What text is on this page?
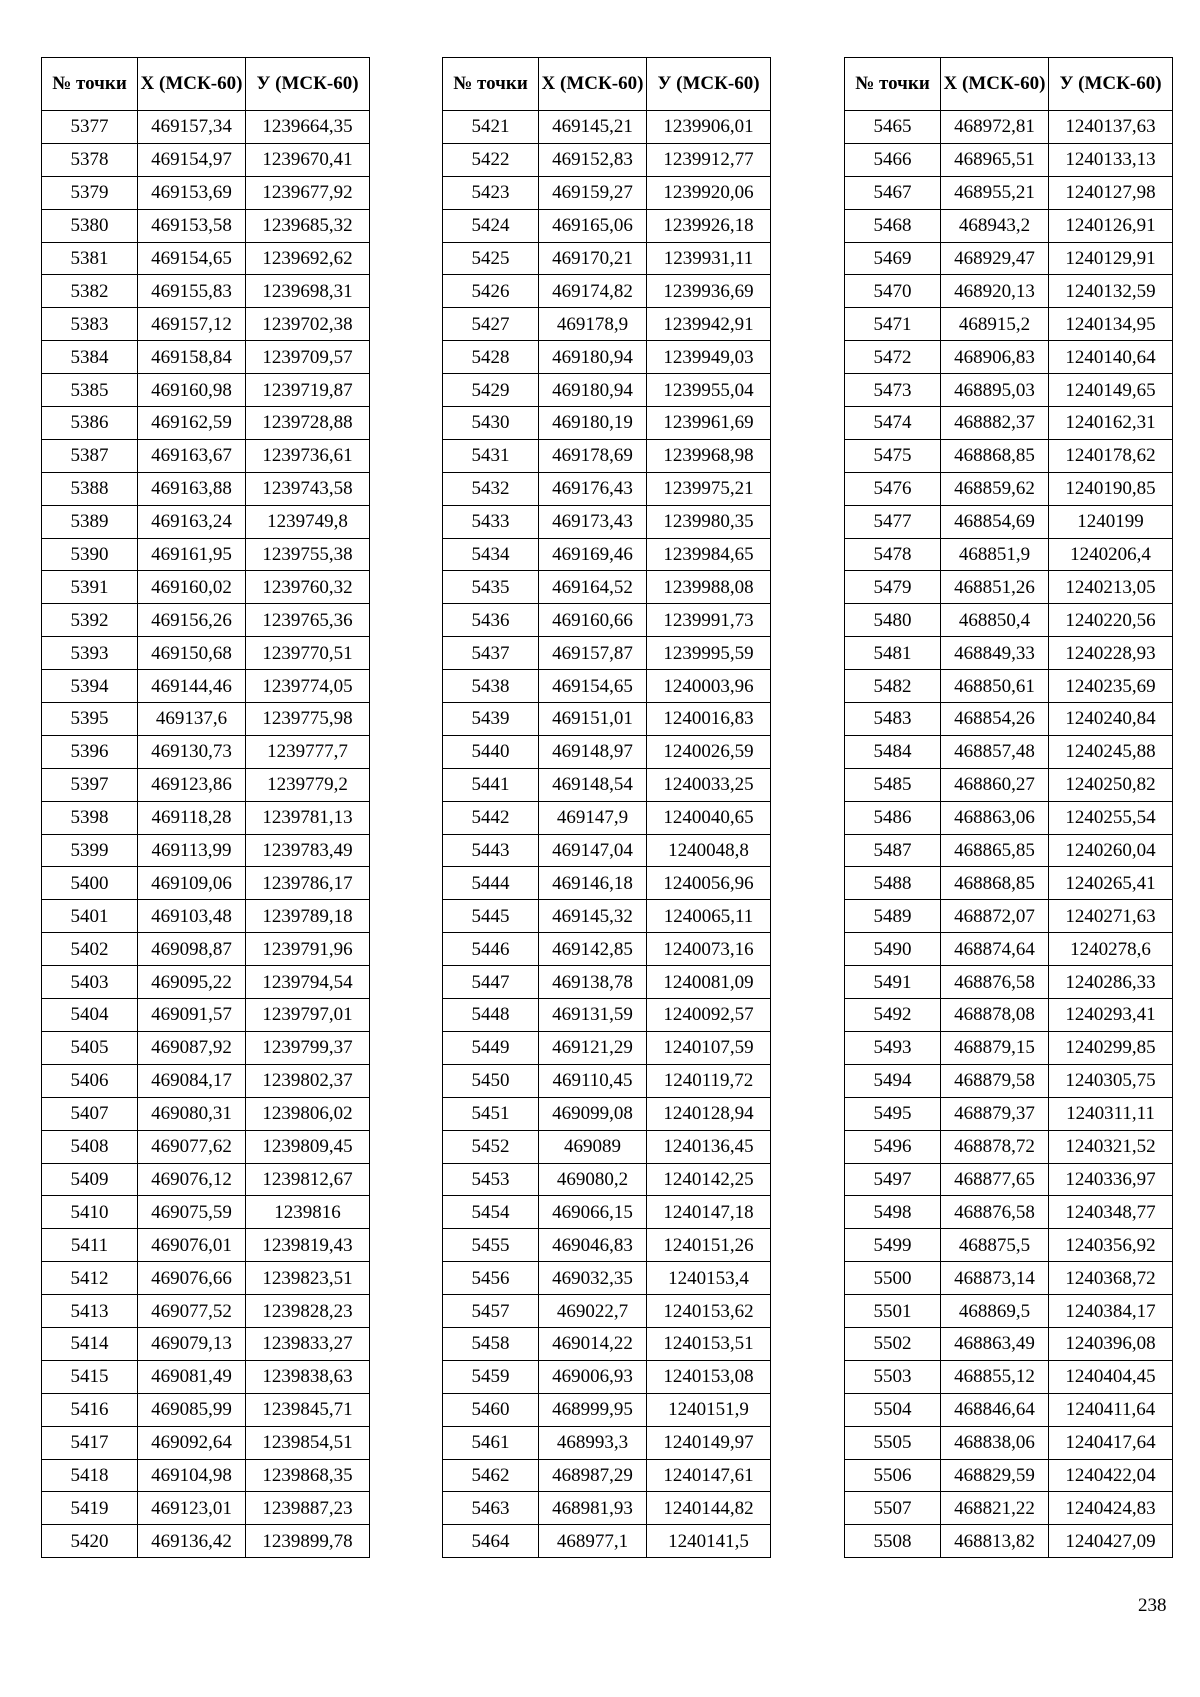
№ точки	Х (МСК-60)	У (МСК-60)
5377	469157,34	1239664,35
5378	469154,97	1239670,41
5379	469153,69	1239677,92
5380	469153,58	1239685,32
5381	469154,65	1239692,62
5382	469155,83	1239698,31
5383	469157,12	1239702,38
5384	469158,84	1239709,57
5385	469160,98	1239719,87
5386	469162,59	1239728,88
5387	469163,67	1239736,61
5388	469163,88	1239743,58
5389	469163,24	1239749,8
5390	469161,95	1239755,38
5391	469160,02	1239760,32
5392	469156,26	1239765,36
5393	469150,68	1239770,51
5394	469144,46	1239774,05
5395	469137,6	1239775,98
5396	469130,73	1239777,7
5397	469123,86	1239779,2
5398	469118,28	1239781,13
5399	469113,99	1239783,49
5400	469109,06	1239786,17
5401	469103,48	1239789,18
5402	469098,87	1239791,96
5403	469095,22	1239794,54
5404	469091,57	1239797,01
5405	469087,92	1239799,37
5406	469084,17	1239802,37
5407	469080,31	1239806,02
5408	469077,62	1239809,45
5409	469076,12	1239812,67
5410	469075,59	1239816
5411	469076,01	1239819,43
5412	469076,66	1239823,51
5413	469077,52	1239828,23
5414	469079,13	1239833,27
5415	469081,49	1239838,63
5416	469085,99	1239845,71
5417	469092,64	1239854,51
5418	469104,98	1239868,35
5419	469123,01	1239887,23
5420	469136,42	1239899,78
№ точки	Х (МСК-60)	У (МСК-60)
5421	469145,21	1239906,01
5422	469152,83	1239912,77
5423	469159,27	1239920,06
5424	469165,06	1239926,18
5425	469170,21	1239931,11
5426	469174,82	1239936,69
5427	469178,9	1239942,91
5428	469180,94	1239949,03
5429	469180,94	1239955,04
5430	469180,19	1239961,69
5431	469178,69	1239968,98
5432	469176,43	1239975,21
5433	469173,43	1239980,35
5434	469169,46	1239984,65
5435	469164,52	1239988,08
5436	469160,66	1239991,73
5437	469157,87	1239995,59
5438	469154,65	1240003,96
5439	469151,01	1240016,83
5440	469148,97	1240026,59
5441	469148,54	1240033,25
5442	469147,9	1240040,65
5443	469147,04	1240048,8
5444	469146,18	1240056,96
5445	469145,32	1240065,11
5446	469142,85	1240073,16
5447	469138,78	1240081,09
5448	469131,59	1240092,57
5449	469121,29	1240107,59
5450	469110,45	1240119,72
5451	469099,08	1240128,94
5452	469089	1240136,45
5453	469080,2	1240142,25
5454	469066,15	1240147,18
5455	469046,83	1240151,26
5456	469032,35	1240153,4
5457	469022,7	1240153,62
5458	469014,22	1240153,51
5459	469006,93	1240153,08
5460	468999,95	1240151,9
5461	468993,3	1240149,97
5462	468987,29	1240147,61
5463	468981,93	1240144,82
5464	468977,1	1240141,5
№ точки	Х (МСК-60)	У (МСК-60)
5465	468972,81	1240137,63
5466	468965,51	1240133,13
5467	468955,21	1240127,98
5468	468943,2	1240126,91
5469	468929,47	1240129,91
5470	468920,13	1240132,59
5471	468915,2	1240134,95
5472	468906,83	1240140,64
5473	468895,03	1240149,65
5474	468882,37	1240162,31
5475	468868,85	1240178,62
5476	468859,62	1240190,85
5477	468854,69	1240199
5478	468851,9	1240206,4
5479	468851,26	1240213,05
5480	468850,4	1240220,56
5481	468849,33	1240228,93
5482	468850,61	1240235,69
5483	468854,26	1240240,84
5484	468857,48	1240245,88
5485	468860,27	1240250,82
5486	468863,06	1240255,54
5487	468865,85	1240260,04
5488	468868,85	1240265,41
5489	468872,07	1240271,63
5490	468874,64	1240278,6
5491	468876,58	1240286,33
5492	468878,08	1240293,41
5493	468879,15	1240299,85
5494	468879,58	1240305,75
5495	468879,37	1240311,11
5496	468878,72	1240321,52
5497	468877,65	1240336,97
5498	468876,58	1240348,77
5499	468875,5	1240356,92
5500	468873,14	1240368,72
5501	468869,5	1240384,17
5502	468863,49	1240396,08
5503	468855,12	1240404,45
5504	468846,64	1240411,64
5505	468838,06	1240417,64
5506	468829,59	1240422,04
5507	468821,22	1240424,83
5508	468813,82	1240427,09
238
